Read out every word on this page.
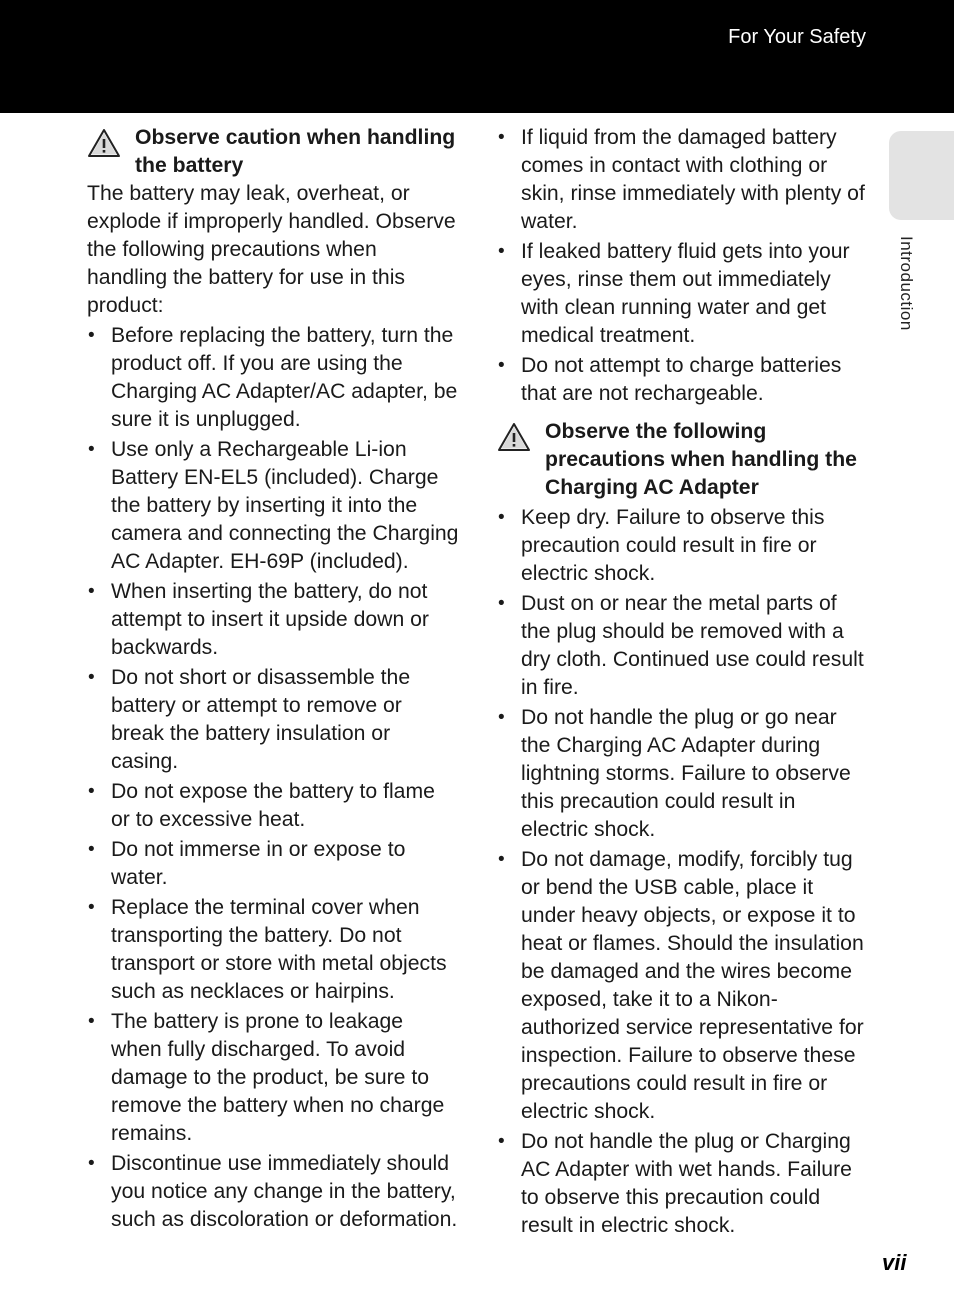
For Your Safety
Introduction
Observe caution when handling the battery

The battery may leak, overheat, or explode if improperly handled. Observe the following precautions when handling the battery for use in this product:

• Before replacing the battery, turn the product off. If you are using the Charging AC Adapter/AC adapter, be sure it is unplugged.
• Use only a Rechargeable Li-ion Battery EN-EL5 (included). Charge the battery by inserting it into the camera and connecting the Charging AC Adapter. EH-69P (included).
• When inserting the battery, do not attempt to insert it upside down or backwards.
• Do not short or disassemble the battery or attempt to remove or break the battery insulation or casing.
• Do not expose the battery to flame or to excessive heat.
• Do not immerse in or expose to water.
• Replace the terminal cover when transporting the battery. Do not transport or store with metal objects such as necklaces or hairpins.
• The battery is prone to leakage when fully discharged. To avoid damage to the product, be sure to remove the battery when no charge remains.
• Discontinue use immediately should you notice any change in the battery, such as discoloration or deformation.
• If liquid from the damaged battery comes in contact with clothing or skin, rinse immediately with plenty of water.
• If leaked battery fluid gets into your eyes, rinse them out immediately with clean running water and get medical treatment.
• Do not attempt to charge batteries that are not rechargeable.
Observe the following precautions when handling the Charging AC Adapter
• Keep dry. Failure to observe this precaution could result in fire or electric shock.
• Dust on or near the metal parts of the plug should be removed with a dry cloth. Continued use could result in fire.
• Do not handle the plug or go near the Charging AC Adapter during lightning storms. Failure to observe this precaution could result in electric shock.
• Do not damage, modify, forcibly tug or bend the USB cable, place it under heavy objects, or expose it to heat or flames. Should the insulation be damaged and the wires become exposed, take it to a Nikon-authorized service representative for inspection. Failure to observe these precautions could result in fire or electric shock.
• Do not handle the plug or Charging AC Adapter with wet hands. Failure to observe this precaution could result in electric shock.
vii
